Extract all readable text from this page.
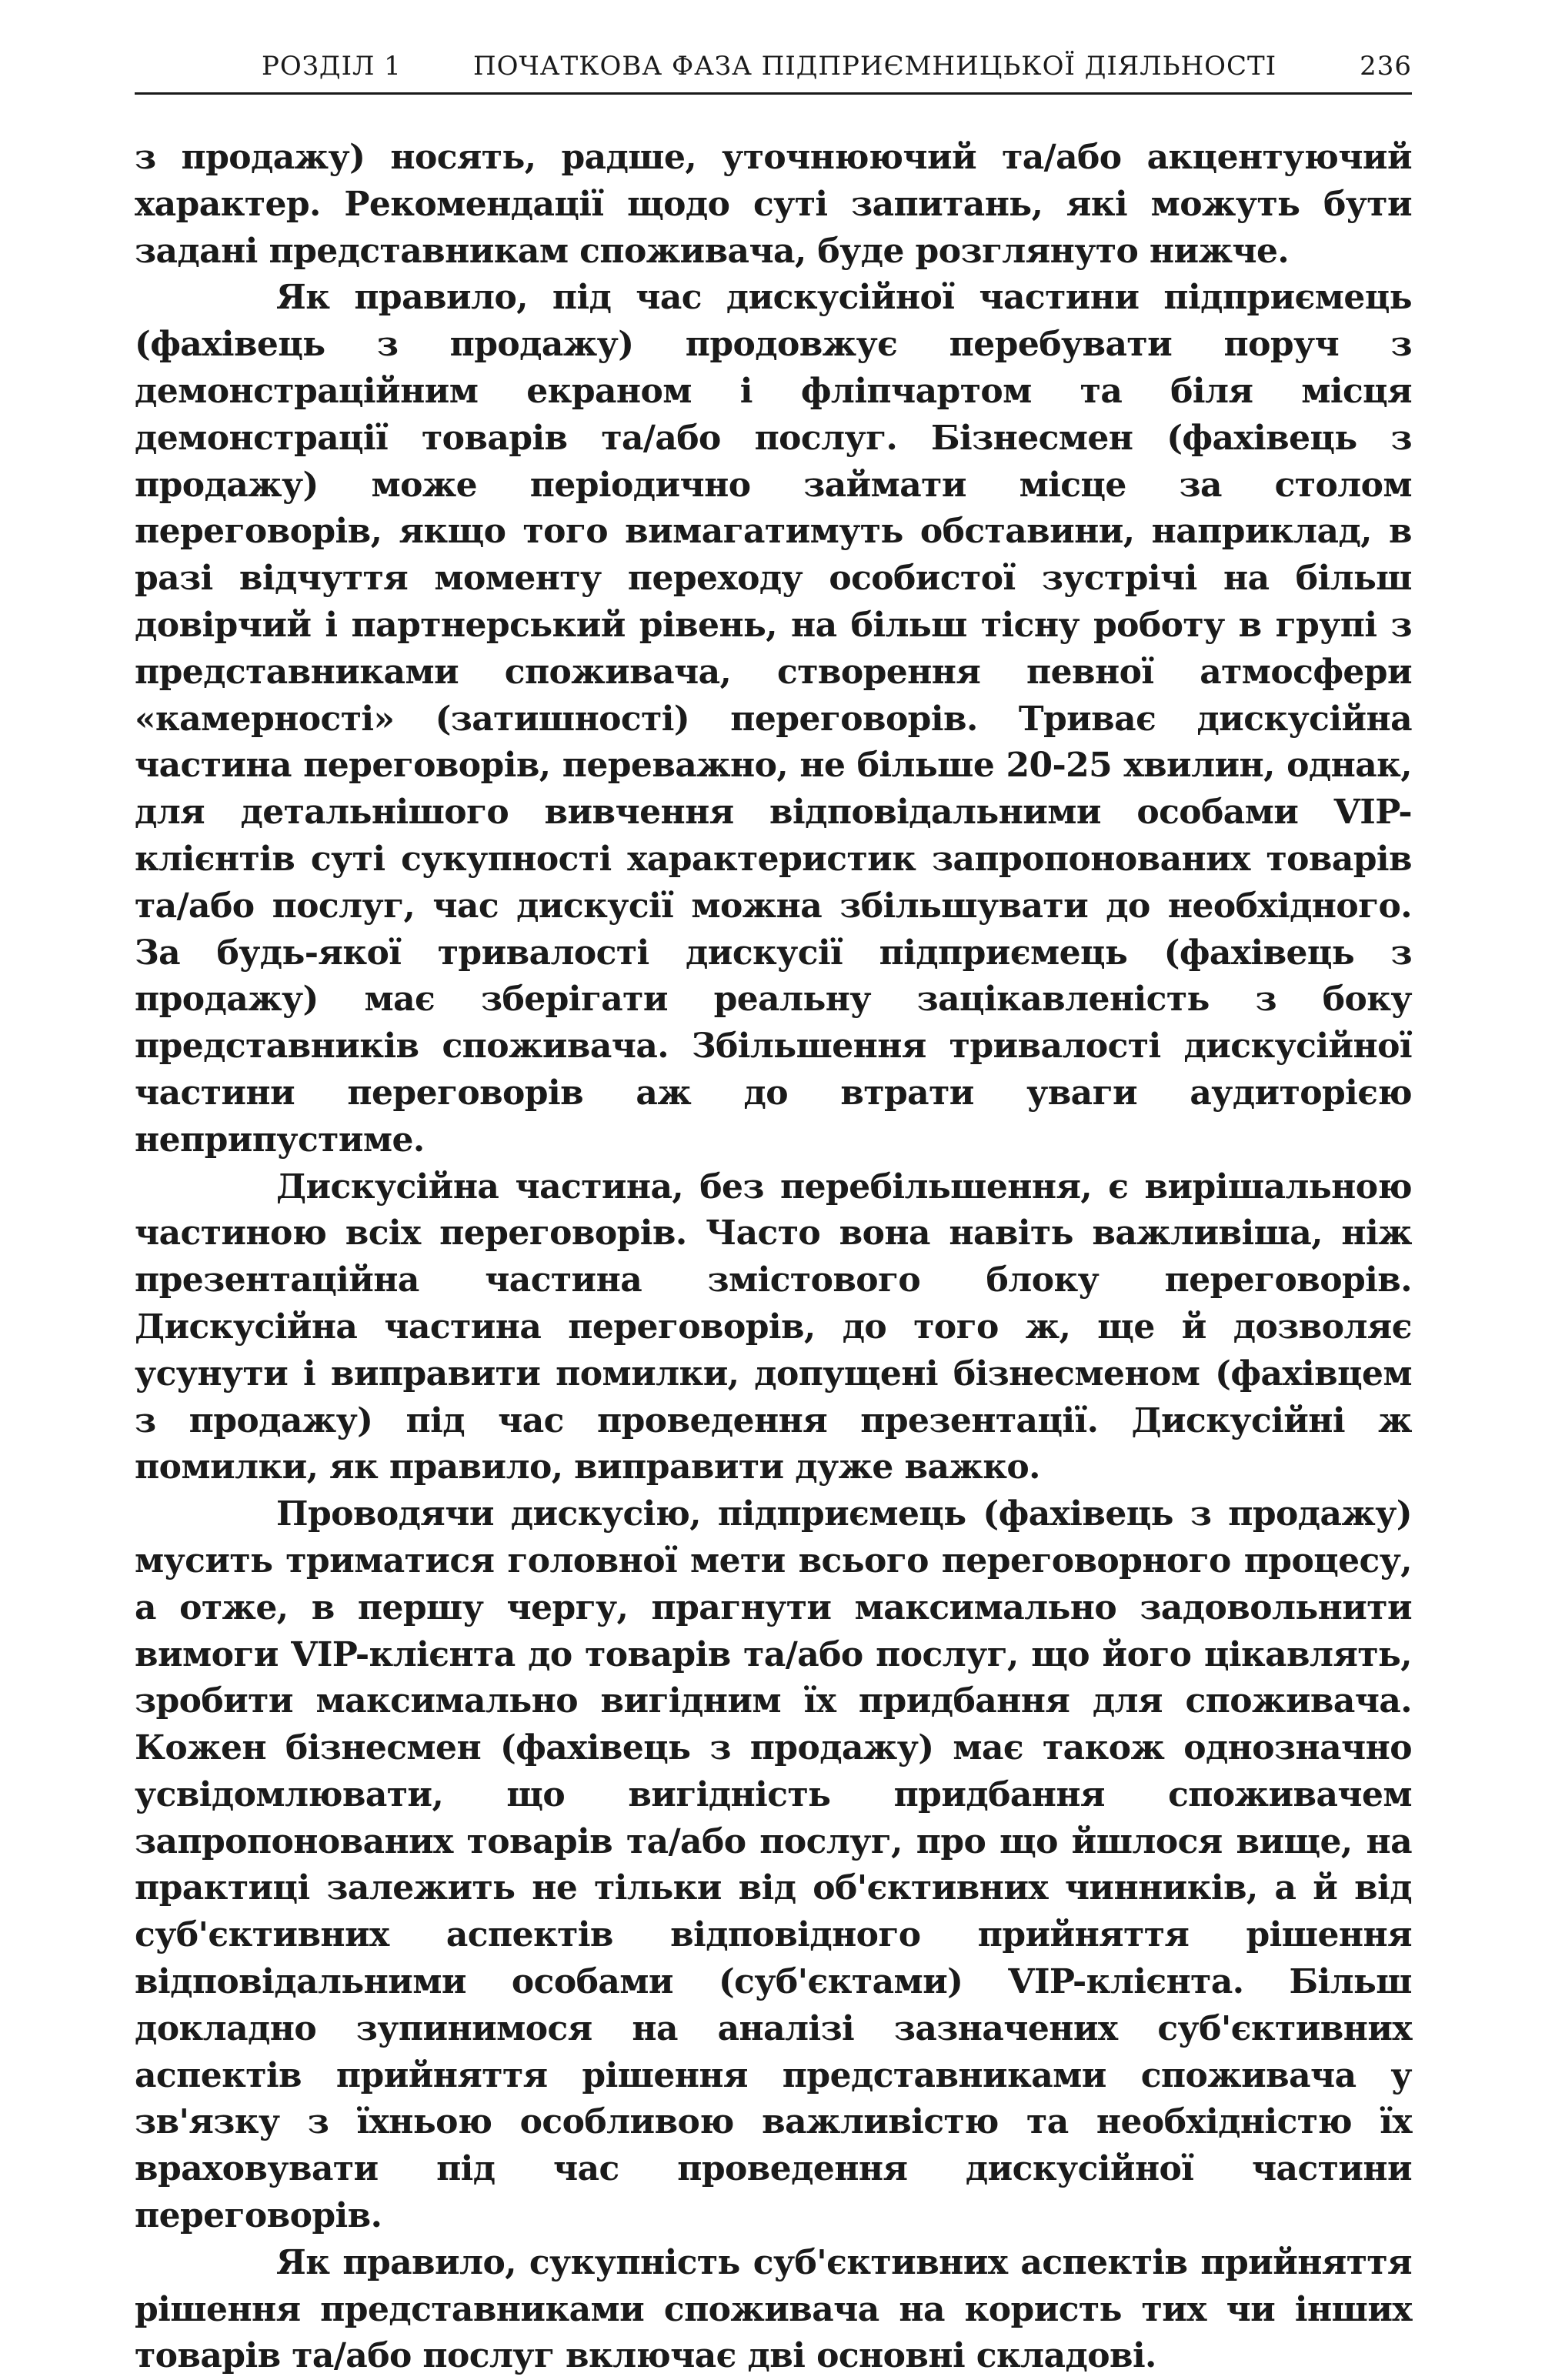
РОЗДІЛ 1	ПОЧАТКОВА ФАЗА ПІДПРИЄМНИЦЬКОЇ ДІЯЛЬНОСТІ	236

з продажу) носять, радше, уточнюючий та/або акцентуючий характер. Рекомендації щодо суті запитань, які можуть бути задані представникам споживача, буде розглянуто нижче.

Як правило, під час дискусійної частини підприємець (фахівець з продажу) продовжує перебувати поруч з демонстраційним екраном і фліпчартом та біля місця демонстрації товарів та/або послуг. Бізнесмен (фахівець з продажу) може періодично займати місце за столом переговорів, якщо того вимагатимуть обставини, наприклад, в разі відчуття моменту переходу особистої зустрічі на більш довірчий і партнерський рівень, на більш тісну роботу в групі з представниками споживача, створення певної атмосфери «камерності» (затишності) переговорів. Триває дискусійна частина переговорів, переважно, не більше 20-25 хвилин, однак, для детальнішого вивчення відповідальними особами VIP-клієнтів суті сукупності характеристик запропонованих товарів та/або послуг, час дискусії можна збільшувати до необхідного. За будь-якої тривалості дискусії підприємець (фахівець з продажу) має зберігати реальну зацікавленість з боку представників споживача. Збільшення тривалості дискусійної частини переговорів аж до втрати уваги аудиторією неприпустиме.

Дискусійна частина, без перебільшення, є вирішальною частиною всіх переговорів. Часто вона навіть важливіша, ніж презентаційна частина змістового блоку переговорів. Дискусійна частина переговорів, до того ж, ще й дозволяє усунути і виправити помилки, допущені бізнесменом (фахівцем з продажу) під час проведення презентації. Дискусійні ж помилки, як правило, виправити дуже важко.

Проводячи дискусію, підприємець (фахівець з продажу) мусить триматися головної мети всього переговорного процесу, а отже, в першу чергу, прагнути максимально задовольнити вимоги VIP-клієнта до товарів та/або послуг, що його цікавлять, зробити максимально вигідним їх придбання для споживача. Кожен бізнесмен (фахівець з продажу) має також однозначно усвідомлювати, що вигідність придбання споживачем запропонованих товарів та/або послуг, про що йшлося вище, на практиці залежить не тільки від об'єктивних чинників, а й від суб'єктивних аспектів відповідного прийняття рішення відповідальними особами (суб'єктами) VIP-клієнта. Більш докладно зупинимося на аналізі зазначених суб'єктивних аспектів прийняття рішення представниками споживача у зв'язку з їхньою особливою важливістю та необхідністю їх враховувати під час проведення дискусійної частини переговорів.

Як правило, сукупність суб'єктивних аспектів прийняття рішення представниками споживача на користь тих чи інших товарів та/або послуг включає дві основні складові.
